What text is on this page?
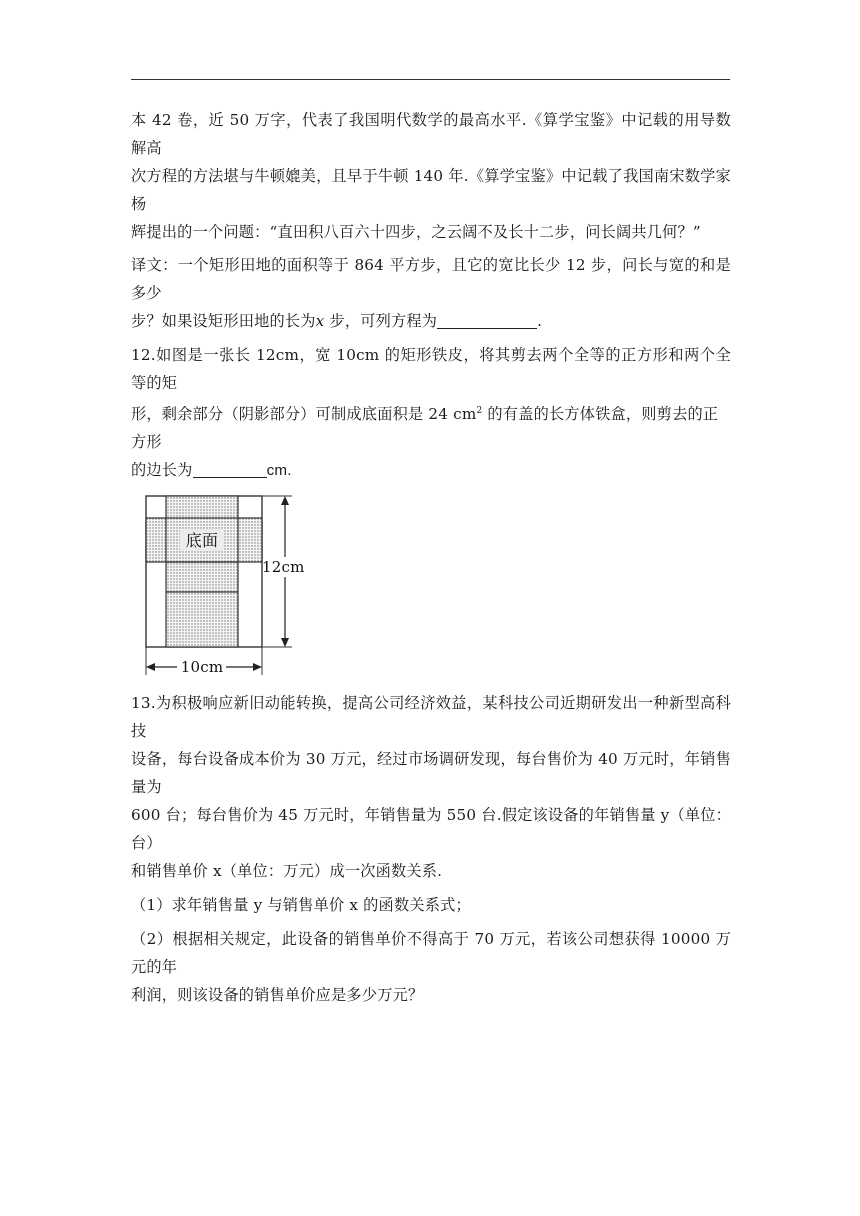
本 42 卷，近 50 万字，代表了我国明代数学的最高水平.《算学宝鉴》中记载的用导数解高

次方程的方法堪与牛顿媲美，且早于牛顿 140 年.《算学宝鉴》中记载了我国南宋数学家杨

辉提出的一个问题：“直田积八百六十四步，之云阔不及长十二步，问长阔共几何？”

译文：一个矩形田地的面积等于 864 平方步，且它的宽比长少 12 步，问长与宽的和是多少

步？如果设矩形田地的长为x 步，可列方程为	.

12.如图是一张长 12cm，宽 10cm 的矩形铁皮，将其剪去两个全等的正方形和两个全等的矩

形，剩余部分（阴影部分）可制成底面积是 24 $cm^2$ 的有盖的长方体铁盒，则剪去的正方形

的边长为	cm.

底面
12cm
10cm

13.为积极响应新旧动能转换，提高公司经济效益，某科技公司近期研发出一种新型高科技

设备，每台设备成本价为 30 万元，经过市场调研发现，每台售价为 40 万元时，年销售量为

600 台；每台售价为 45 万元时，年销售量为 550 台.假定该设备的年销售量 y（单位：台）

和销售单价 x（单位：万元）成一次函数关系.

（1）求年销售量 y 与销售单价 x 的函数关系式；

（2）根据相关规定，此设备的销售单价不得高于 70 万元，若该公司想获得 10000 万元的年

利润，则该设备的销售单价应是多少万元？
